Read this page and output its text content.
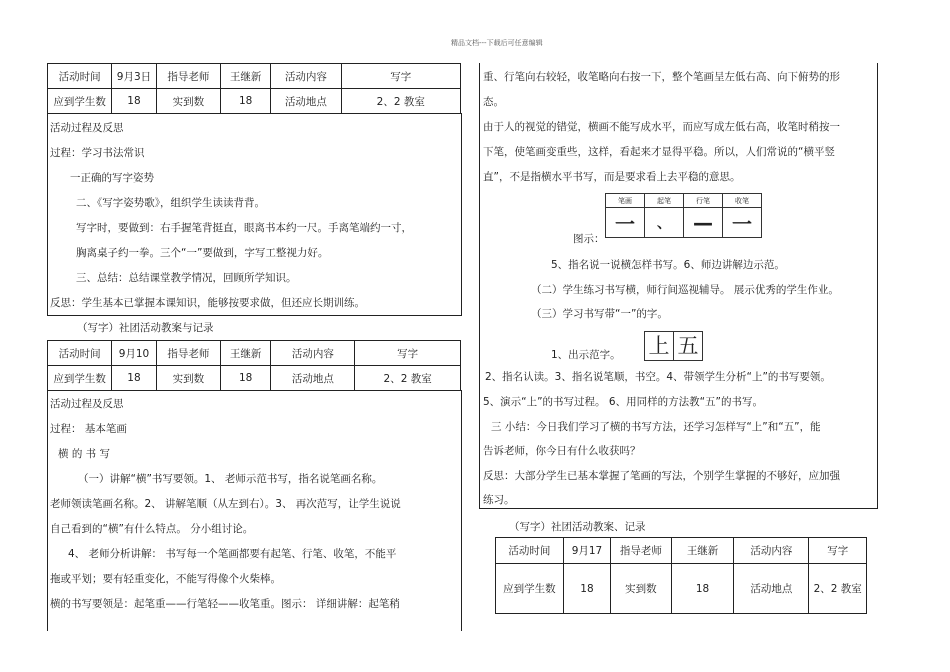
精品文档---下载后可任意编辑
活动时间	9月3日	指导老师	王继新	活动内容	写字
应到学生数	18	实到数	18	活动地点	2、2 教室
活动过程及反思
过程：学习书法常识
一正确的写字姿势
二、《写字姿势歌》，组织学生读读背背。
写字时，要做到：右手握笔背挺直，眼离书本约一尺。手离笔端约一寸，
胸离桌子约一拳。三个“一”要做到，字写工整视力好。
三、总结：总结课堂教学情况，回顾所学知识。
反思：学生基本已掌握本课知识，能够按要求做，但还应长期训练。
（写字）社团活动教案与记录
活动时间	9月10	指导老师	王继新	活动内容	写字
应到学生数	18	实到数	18	活动地点	2、2 教室
活动过程及反思
过程： 基本笔画
横 的 书 写
（一）讲解“横”书写要领。1、 老师示范书写，指名说笔画名称。
老师领读笔画名称。2、 讲解笔顺（从左到右）。3、 再次范写，让学生说说
自己看到的“横”有什么特点。 分小组讨论。
4、 老师分析讲解： 书写每一个笔画都要有起笔、行笔、收笔，不能平
拖或平划；要有轻重变化，不能写得像个火柴棒。
横的书写要领是：起笔重——行笔轻——收笔重。图示： 详细讲解：起笔稍
重、行笔向右较轻，收笔略向右按一下，整个笔画呈左低右高、向下俯势的形
态。
由于人的视觉的错觉，横画不能写成水平，而应写成左低右高，收笔时稍按一
下笔，使笔画变重些，这样，看起来才显得平稳。所以，人们常说的“横平竖
直”，不是指横水平书写，而是要求看上去平稳的意思。
图示：
笔画	起笔	行笔	收笔
一	、	—	一
5、指名说一说横怎样书写。6、师边讲解边示范。
（二）学生练习书写横，师行间巡视辅导。 展示优秀的学生作业。
（三）学习书写带“一”的字。
1、出示范字。 上 五
2、指名认读。3、指名说笔顺，书空。4、带领学生分析“上”的书写要领。
5、演示“上”的书写过程。 6、用同样的方法教“五”的书写。
三 小结：今日我们学习了横的书写方法，还学习怎样写“上”和“五”，能
告诉老师，你今日有什么收获吗？
反思：大部分学生已基本掌握了笔画的写法，个别学生掌握的不够好，应加强
练习。
（写字）社团活动教案、记录
活动时间	9月17	指导老师	王继新	活动内容	写字
应到学生数	18	实到数	18	活动地点	2、2 教室
